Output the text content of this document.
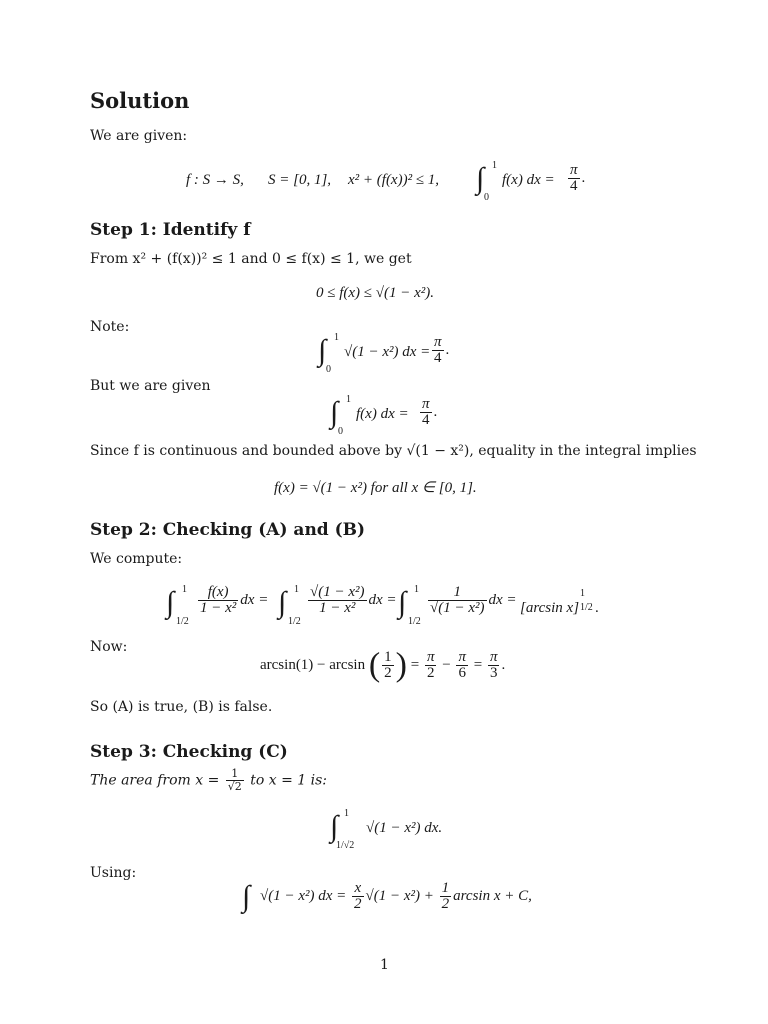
Solution
We are given:
f : S → S, S = [0, 1], x² + (f(x))² ≤ 1, ∫ 1
0
f(x) dx = $\frac{\pi}{4}$ .
Step 1: Identify f
From x² + (f(x))² ≤ 1 and 0 ≤ f(x) ≤ 1, we get
0 ≤ f(x) ≤ √(1 − x²).
Note:
∫ 1
0
√(1 − x²) dx = $\frac{\pi}{4}$ .
But we are given
∫ 1
0
f(x) dx = $\frac{\pi}{4}$ .
Since f is continuous and bounded above by √(1 − x²), equality in the integral implies
f(x) = √(1 − x²) for all x ∈ [0, 1].
Step 2: Checking (A) and (B)
We compute:
∫ 1
1/2
$\frac{f(x)}{\text{1 − x²}}$ dx = ∫ 1
1/2
$\frac{\text{√(1 − x²)}}{\text{1 − x²}}$ dx = ∫ 1
1/2
$\frac{1}{\text{√(1 − x²)}}$ dx =
[arcsin x]
1
1/2 .
Now:
arcsin(1) − arcsin ( $\frac{1}{2}$ ) = $\frac{\pi}{2} - \frac{\pi}{6} = \frac{\pi}{3}$ .
So (A) is true, (B) is false.
Step 3: Checking (C)
The area from $x = \frac{1}{√2}$ to x = 1 is:
∫ 1
1/√2
√(1 − x²) dx.
Using:
∫ √(1 − x²) dx = $\frac{x}{2} √(1 - x^2) + \frac{1}{2}$ arcsin x + C,
1
